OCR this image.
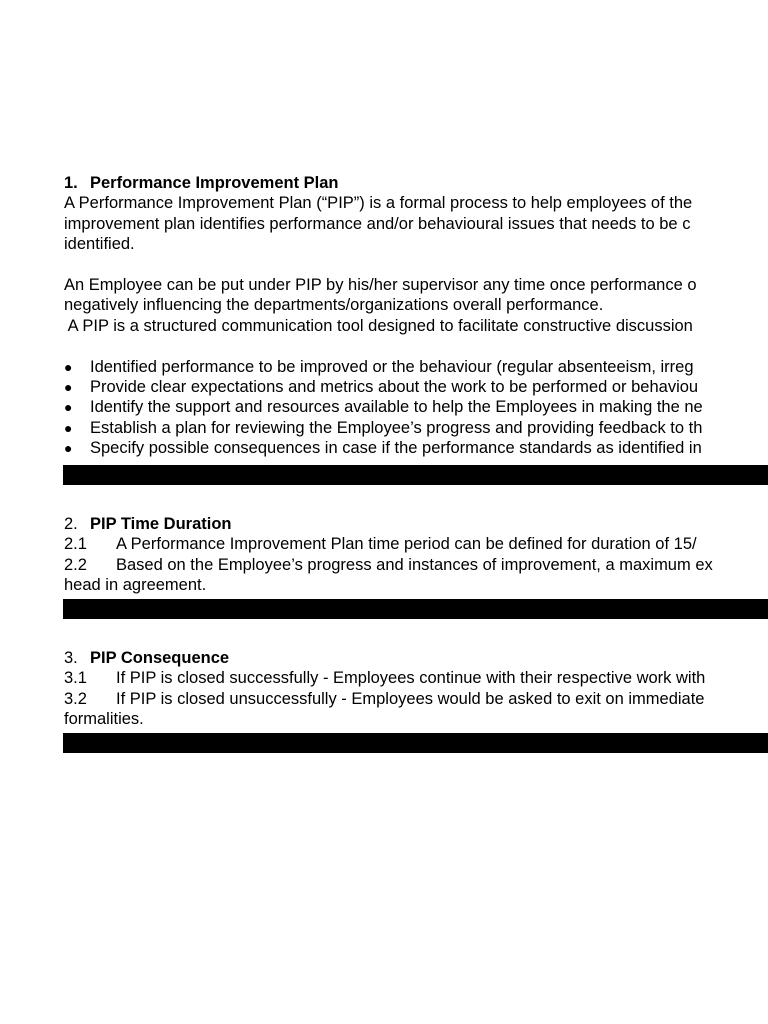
1. Performance Improvement Plan
A Performance Improvement Plan (“PIP”) is a formal process to help employees of the
improvement plan identifies performance and/or behavioural issues that needs to be c
identified.
An Employee can be put under PIP by his/her supervisor any time once performance o
negatively influencing the departments/organizations overall performance.
A PIP is a structured communication tool designed to facilitate constructive discussion
● Identified performance to be improved or the behaviour (regular absenteeism, irreg
● Provide clear expectations and metrics about the work to be performed or behaviou
● Identify the support and resources available to help the Employees in making the ne
● Establish a plan for reviewing the Employee’s progress and providing feedback to th
● Specify possible consequences in case if the performance standards as identified in
2. PIP Time Duration
2.1 A Performance Improvement Plan time period can be defined for duration of 15/
2.2 Based on the Employee’s progress and instances of improvement, a maximum ex
head in agreement.
3. PIP Consequence
3.1 If PIP is closed successfully - Employees continue with their respective work with
3.2 If PIP is closed unsuccessfully - Employees would be asked to exit on immediate
formalities.
